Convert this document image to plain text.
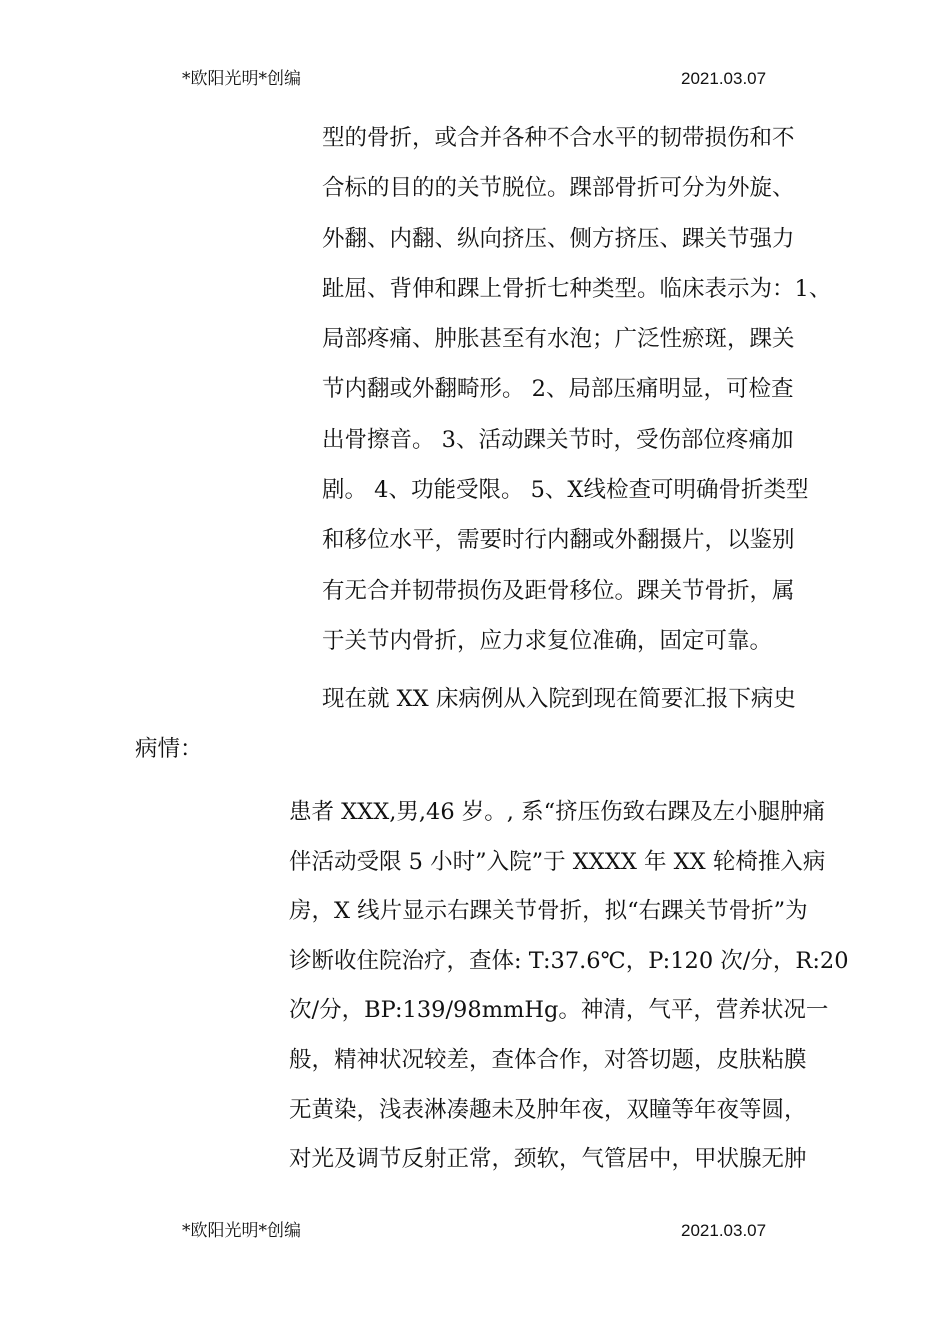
*欧阳光明*创编	2021.03.07
型的骨折，或合并各种不合水平的韧带损伤和不
合标的目的的关节脱位。踝部骨折可分为外旋、
外翻、内翻、纵向挤压、侧方挤压、踝关节强力
趾屈、背伸和踝上骨折七种类型。临床表示为：1、
局部疼痛、肿胀甚至有水泡；广泛性瘀斑，踝关
节内翻或外翻畸形。 2、局部压痛明显，可检查
出骨擦音。 3、活动踝关节时，受伤部位疼痛加
剧。 4、功能受限。 5、X线检查可明确骨折类型
和移位水平，需要时行内翻或外翻摄片，以鉴别
有无合并韧带损伤及距骨移位。踝关节骨折，属
于关节内骨折，应力求复位准确，固定可靠。
现在就 XX 床病例从入院到现在简要汇报下病史
病情：
患者 XXX,男,46 岁。, 系“挤压伤致右踝及左小腿肿痛
伴活动受限 5 小时”入院”于 XXXX 年 XX 轮椅推入病
房，X 线片显示右踝关节骨折，拟“右踝关节骨折”为
诊断收住院治疗，查体: T:37.6℃，P:120 次/分，R:20
次/分，BP:139/98mmHg。神清，气平，营养状况一
般，精神状况较差，查体合作，对答切题，皮肤粘膜
无黄染，浅表淋凑趣未及肿年夜，双瞳等年夜等圆，
对光及调节反射正常，颈软，气管居中，甲状腺无肿
*欧阳光明*创编	2021.03.07
